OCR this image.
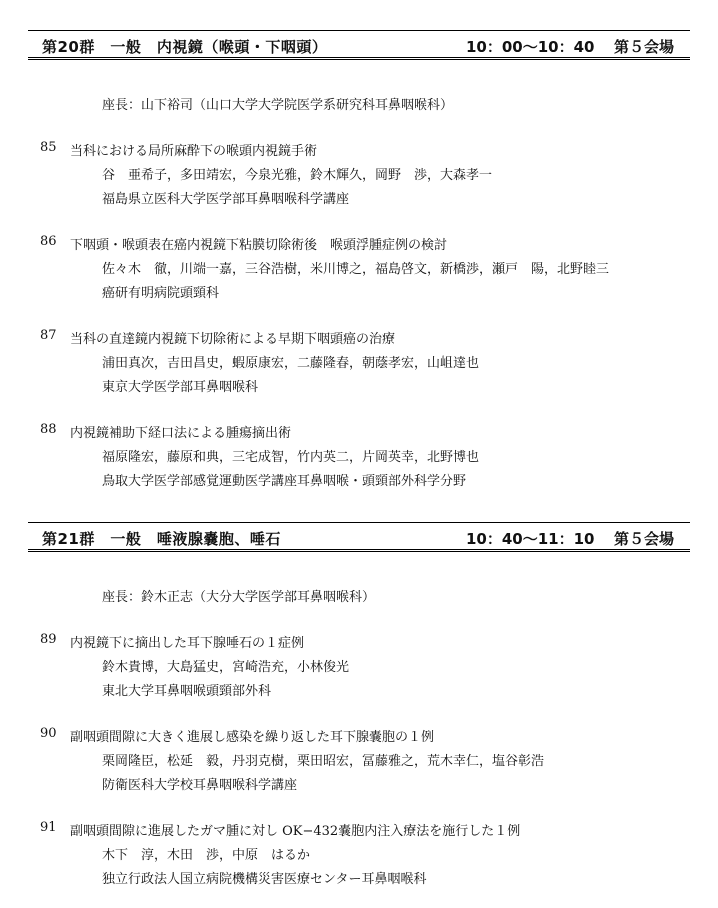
第20群　一般　内視鏡（喉頭・下咽頭）	10：00〜10：40 第５会場
座長：山下裕司（山口大学大学院医学系研究科耳鼻咽喉科）
85 当科における局所麻酔下の喉頭内視鏡手術
谷　亜希子，多田靖宏，今泉光雅，鈴木輝久，岡野　渉，大森孝一
福島県立医科大学医学部耳鼻咽喉科学講座
86 下咽頭・喉頭表在癌内視鏡下粘膜切除術後　喉頭浮腫症例の検討
佐々木　徹，川端一嘉，三谷浩樹，米川博之，福島啓文，新橋渉，瀬戸　陽，北野睦三
癌研有明病院頭頸科
87 当科の直達鏡内視鏡下切除術による早期下咽頭癌の治療
浦田真次，吉田昌史，蝦原康宏，二藤隆春，朝蔭孝宏，山岨達也
東京大学医学部耳鼻咽喉科
88 内視鏡補助下経口法による腫瘍摘出術
福原隆宏，藤原和典，三宅成智，竹内英二，片岡英幸，北野博也
鳥取大学医学部感覚運動医学講座耳鼻咽喉・頭頸部外科学分野
第21群　一般　唾液腺嚢胞、唾石	10：40〜11：10 第５会場
座長：鈴木正志（大分大学医学部耳鼻咽喉科）
89 内視鏡下に摘出した耳下腺唾石の１症例
鈴木貴博，大島猛史，宮崎浩充，小林俊光
東北大学耳鼻咽喉頭頸部外科
90 副咽頭間隙に大きく進展し感染を繰り返した耳下腺嚢胞の１例
栗岡隆臣，松延　毅，丹羽克樹，栗田昭宏，冨藤雅之，荒木幸仁，塩谷彰浩
防衛医科大学校耳鼻咽喉科学講座
91 副咽頭間隙に進展したガマ腫に対し OK−432嚢胞内注入療法を施行した１例
木下　淳，木田　渉，中原　はるか
独立行政法人国立病院機構災害医療センター耳鼻咽喉科
